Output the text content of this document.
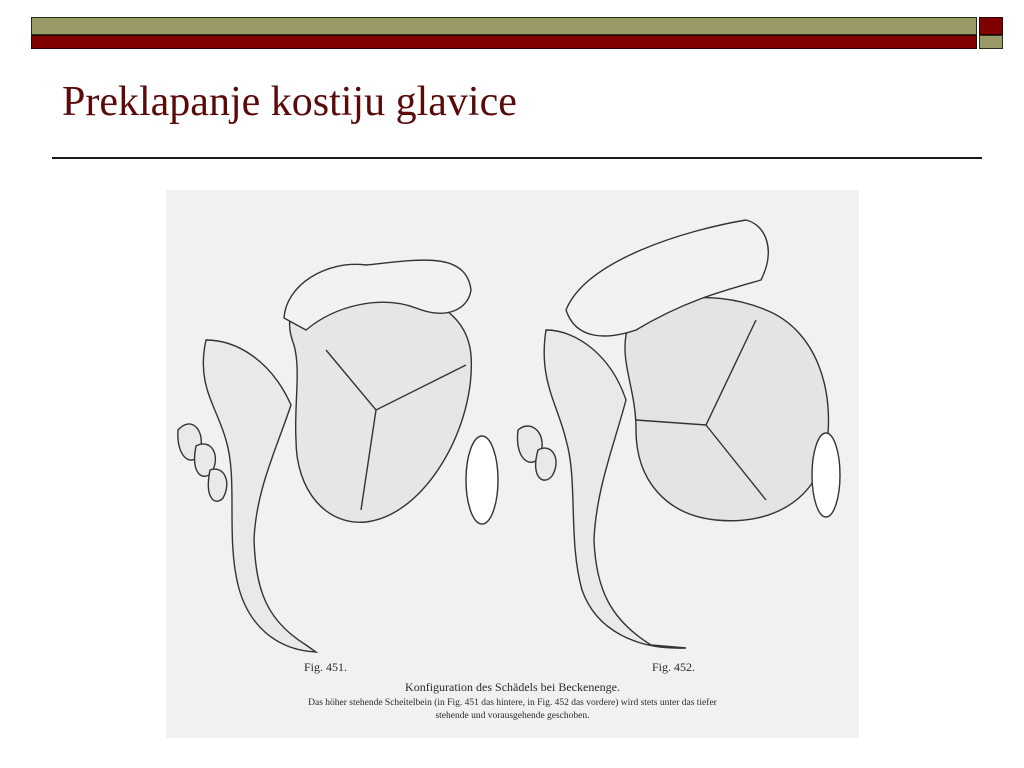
Preklapanje kostiju glavice
Fig. 451.	Fig. 452.
Konfiguration des Schädels bei Beckenenge.
Das höher stehende Scheitelbein (in Fig. 451 das hintere, in Fig. 452 das vordere) wird stets unter das tiefer
stehende und vorausgehende geschoben.
